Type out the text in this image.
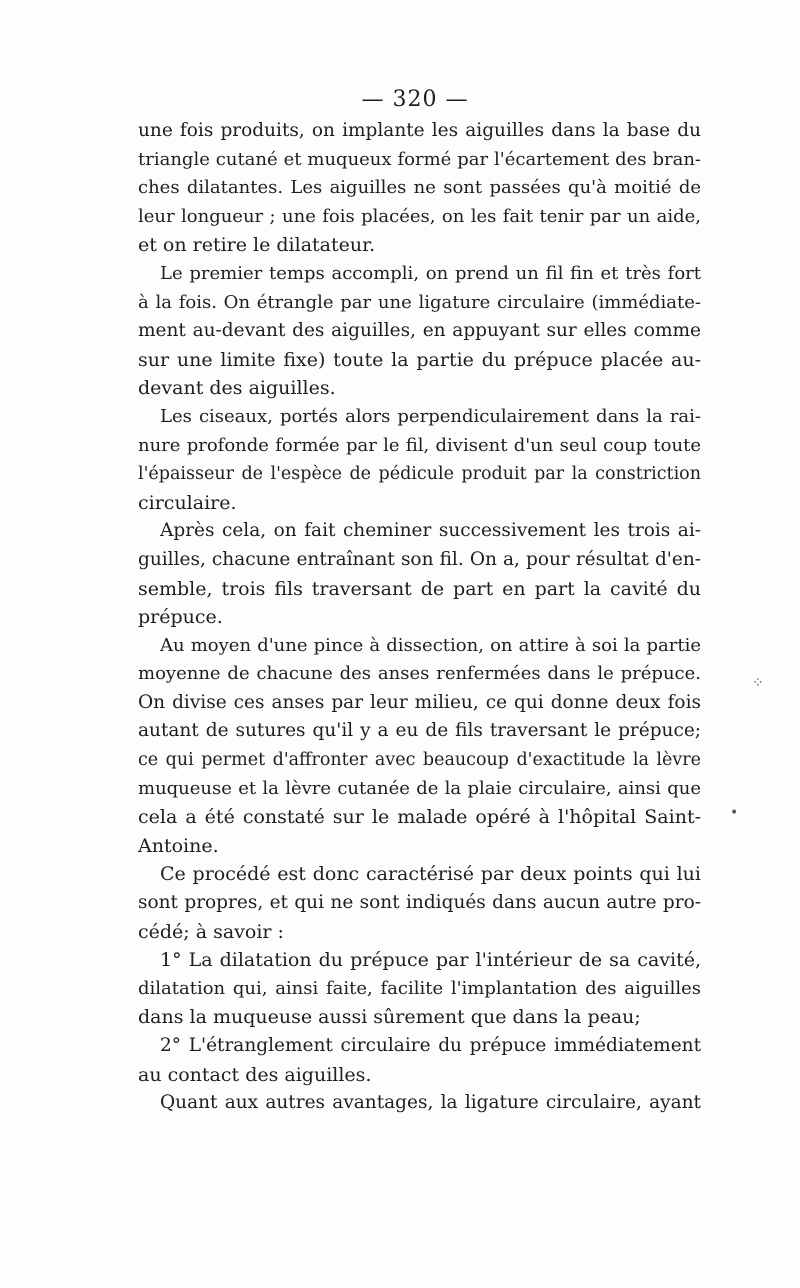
— 320 —
une fois produits, on implante les aiguilles dans la base du
triangle cutané et muqueux formé par l'écartement des bran-
ches dilatantes. Les aiguilles ne sont passées qu'à moitié de
leur longueur ; une fois placées, on les fait tenir par un aide,
et on retire le dilatateur.
Le premier temps accompli, on prend un fil fin et très fort
à la fois. On étrangle par une ligature circulaire (immédiate-
ment au-devant des aiguilles, en appuyant sur elles comme
sur une limite fixe) toute la partie du prépuce placée au-
devant des aiguilles.
Les ciseaux, portés alors perpendiculairement dans la rai-
nure profonde formée par le fil, divisent d'un seul coup toute
l'épaisseur de l'espèce de pédicule produit par la constriction
circulaire.
Après cela, on fait cheminer successivement les trois ai-
guilles, chacune entraînant son fil. On a, pour résultat d'en-
semble, trois fils traversant de part en part la cavité du
prépuce.
Au moyen d'une pince à dissection, on attire à soi la partie
moyenne de chacune des anses renfermées dans le prépuce.
On divise ces anses par leur milieu, ce qui donne deux fois
autant de sutures qu'il y a eu de fils traversant le prépuce;
ce qui permet d'affronter avec beaucoup d'exactitude la lèvre
muqueuse et la lèvre cutanée de la plaie circulaire, ainsi que
cela a été constaté sur le malade opéré à l'hôpital Saint-
Antoine.
Ce procédé est donc caractérisé par deux points qui lui
sont propres, et qui ne sont indiqués dans aucun autre pro-
cédé; à savoir :
1° La dilatation du prépuce par l'intérieur de sa cavité,
dilatation qui, ainsi faite, facilite l'implantation des aiguilles
dans la muqueuse aussi sûrement que dans la peau;
2° L'étranglement circulaire du prépuce immédiatement
au contact des aiguilles.
Quant aux autres avantages, la ligature circulaire, ayant
⁘
•
